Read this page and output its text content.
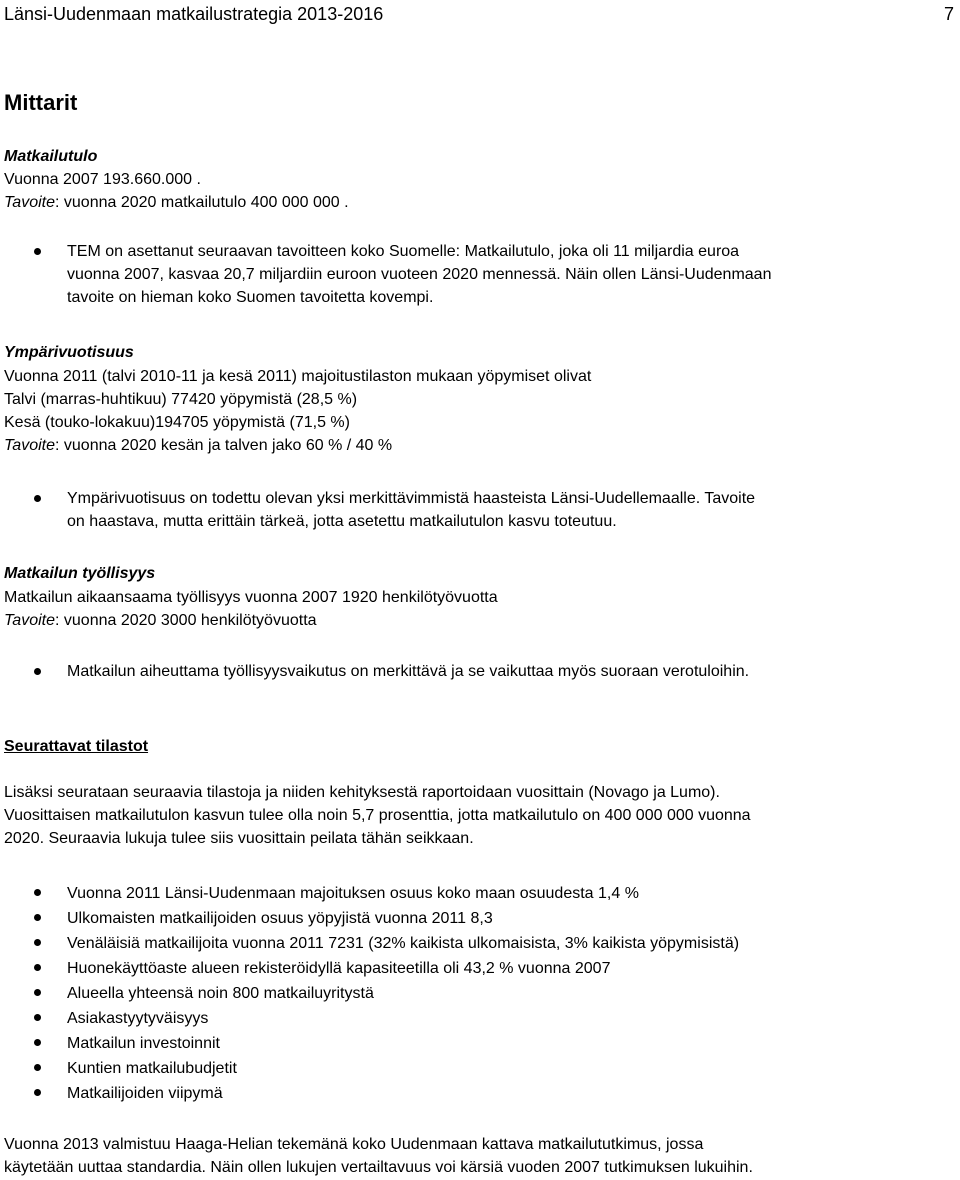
Länsi-Uudenmaan matkailustrategia 2013-2016	7
Mittarit
Matkailutulo
Vuonna 2007 193.660.000 .
Tavoite: vuonna 2020 matkailutulo 400 000 000 .
TEM on asettanut seuraavan tavoitteen koko Suomelle: Matkailutulo, joka oli 11 miljardia euroa
vuonna 2007, kasvaa 20,7 miljardiin euroon vuoteen 2020 mennessä. Näin ollen Länsi-Uudenmaan
tavoite on hieman koko Suomen tavoitetta kovempi.
Ympärivuotisuus
Vuonna 2011 (talvi 2010-11 ja kesä 2011) majoitustilaston mukaan yöpymiset olivat
Talvi (marras-huhtikuu) 77420 yöpymistä (28,5 %)
Kesä (touko-lokakuu)194705 yöpymistä (71,5 %)
Tavoite: vuonna 2020 kesän ja talven jako 60 % / 40 %
Ympärivuotisuus on todettu olevan yksi merkittävimmistä haasteista Länsi-Uudellemaalle. Tavoite
on haastava, mutta erittäin tärkeä, jotta asetettu matkailutulon kasvu toteutuu.
Matkailun työllisyys
Matkailun aikaansaama työllisyys vuonna 2007 1920 henkilötyövuotta
Tavoite: vuonna 2020 3000 henkilötyövuotta
Matkailun aiheuttama työllisyysvaikutus on merkittävä ja se vaikuttaa myös suoraan verotuloihin.
Seurattavat tilastot
Lisäksi seurataan seuraavia tilastoja ja niiden kehityksestä raportoidaan vuosittain (Novago ja Lumo).
Vuosittaisen matkailutulon kasvun tulee olla noin 5,7 prosenttia, jotta matkailutulo on 400 000 000 vuonna
2020. Seuraavia lukuja tulee siis vuosittain peilata tähän seikkaan.
Vuonna 2011 Länsi-Uudenmaan majoituksen osuus koko maan osuudesta 1,4 %
Ulkomaisten matkailijoiden osuus yöpyjistä vuonna 2011 8,3
Venäläisiä matkailijoita vuonna 2011 7231 (32% kaikista ulkomaisista, 3% kaikista yöpymisistä)
Huonekäyttöaste alueen rekisteröidyllä kapasiteetilla oli 43,2 % vuonna 2007
Alueella yhteensä noin 800 matkailuyritystä
Asiakastyytyväisyys
Matkailun investoinnit
Kuntien matkailubudjetit
Matkailijoiden viipymä
Vuonna 2013 valmistuu Haaga-Helian tekemänä koko Uudenmaan kattava matkailututkimus, jossa
käytetään uuttaa standardia. Näin ollen lukujen vertailtavuus voi kärsiä vuoden 2007 tutkimuksen lukuihin.
